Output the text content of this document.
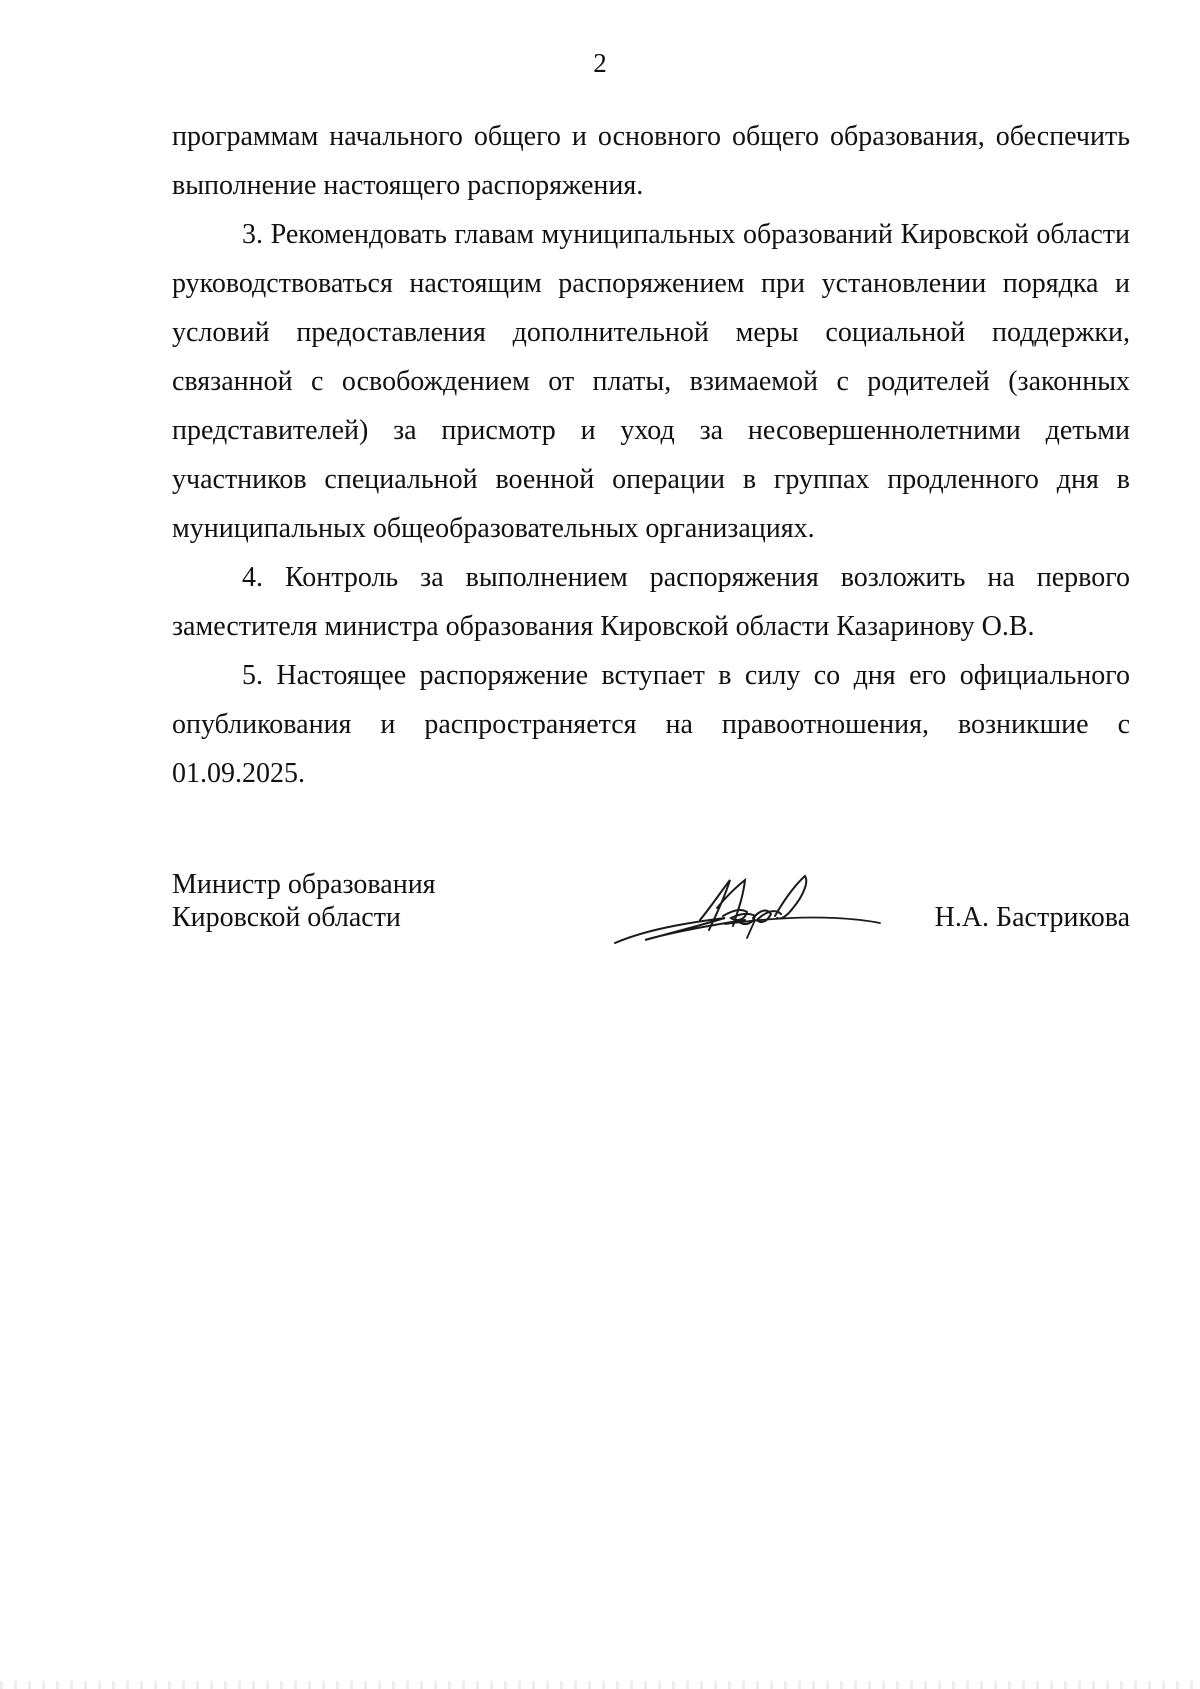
2

программам начального общего и основного общего образования, обеспечить выполнение настоящего распоряжения.

3. Рекомендовать главам муниципальных образований Кировской области руководствоваться настоящим распоряжением при установлении порядка и условий предоставления дополнительной меры социальной поддержки, связанной с освобождением от платы, взимаемой с родителей (законных представителей) за присмотр и уход за несовершеннолетними детьми участников специальной военной операции в группах продленного дня в муниципальных общеобразовательных организациях.

4. Контроль за выполнением распоряжения возложить на первого заместителя министра образования Кировской области Казаринову О.В.

5. Настоящее распоряжение вступает в силу со дня его официального опубликования и распространяется на правоотношения, возникшие с 01.09.2025.

Министр образования
Кировской области	Н.А. Бастрикова
